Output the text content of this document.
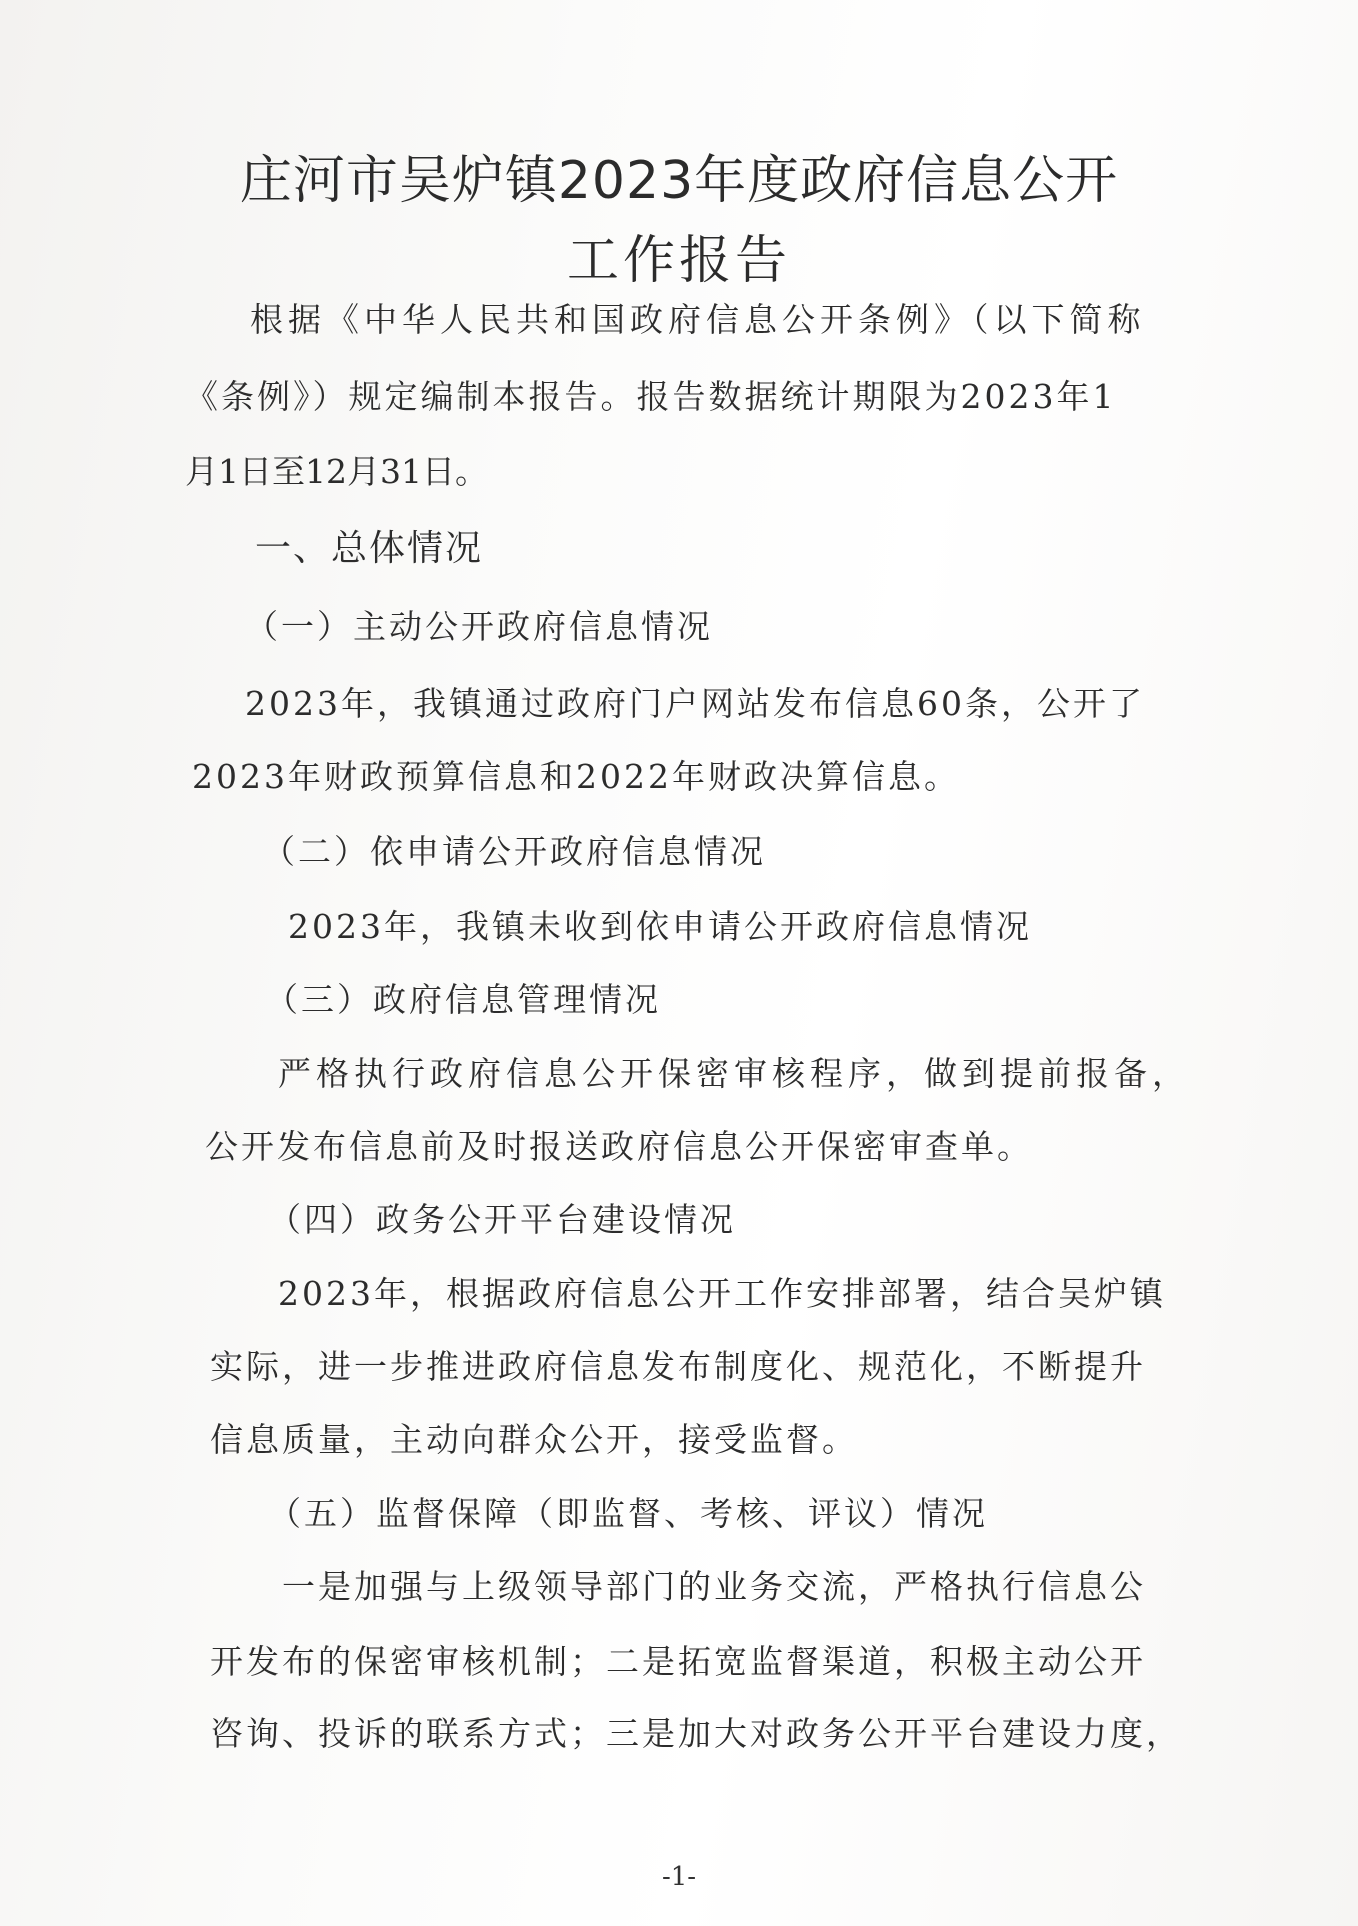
庄河市吴炉镇2023年度政府信息公开
工作报告

根据《中华人民共和国政府信息公开条例》（以下简称

《条例》）规定编制本报告。报告数据统计期限为2023年1

月1日至12月31日。

一、总体情况

（一）主动公开政府信息情况

2023年，我镇通过政府门户网站发布信息60条，公开了

2023年财政预算信息和2022年财政决算信息。

（二）依申请公开政府信息情况

2023年，我镇未收到依申请公开政府信息情况

（三）政府信息管理情况

严格执行政府信息公开保密审核程序，做到提前报备，

公开发布信息前及时报送政府信息公开保密审查单。

（四）政务公开平台建设情况

2023年，根据政府信息公开工作安排部署，结合吴炉镇

实际，进一步推进政府信息发布制度化、规范化，不断提升

信息质量，主动向群众公开，接受监督。

（五）监督保障（即监督、考核、评议）情况

一是加强与上级领导部门的业务交流，严格执行信息公

开发布的保密审核机制；二是拓宽监督渠道，积极主动公开

咨询、投诉的联系方式；三是加大对政务公开平台建设力度，

-1-
